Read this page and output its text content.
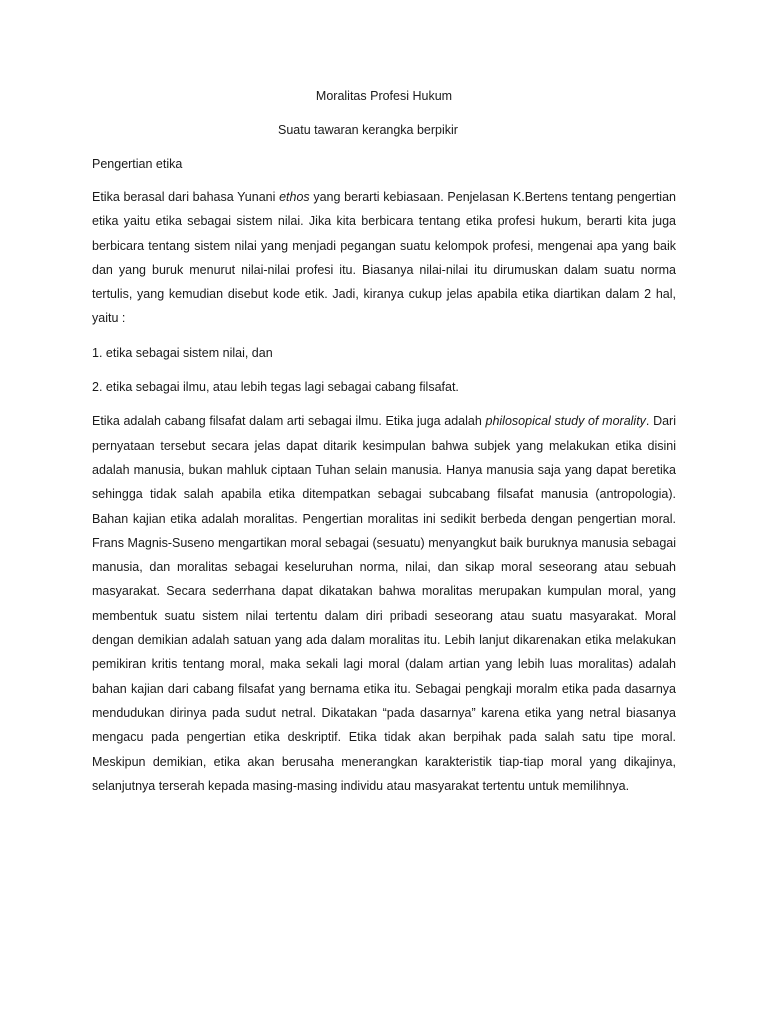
Moralitas Profesi Hukum
Suatu tawaran kerangka berpikir
Pengertian etika

Etika berasal dari bahasa Yunani ethos yang berarti kebiasaan. Penjelasan K.Bertens tentang pengertian etika yaitu etika sebagai sistem nilai. Jika kita berbicara tentang etika profesi hukum, berarti kita juga berbicara tentang sistem nilai yang menjadi pegangan suatu kelompok profesi, mengenai apa yang baik dan yang buruk menurut nilai-nilai profesi itu. Biasanya nilai-nilai itu dirumuskan dalam suatu norma tertulis, yang kemudian disebut kode etik. Jadi, kiranya cukup jelas apabila etika diartikan dalam 2 hal, yaitu :

1. etika sebagai sistem nilai, dan

2. etika sebagai ilmu, atau lebih tegas lagi sebagai cabang filsafat.

Etika adalah cabang filsafat dalam arti sebagai ilmu. Etika juga adalah philosopical study of morality. Dari pernyataan tersebut secara jelas dapat ditarik kesimpulan bahwa subjek yang melakukan etika disini adalah manusia, bukan mahluk ciptaan Tuhan selain manusia. Hanya manusia saja yang dapat beretika sehingga tidak salah apabila etika ditempatkan sebagai subcabang filsafat manusia (antropologia). Bahan kajian etika adalah moralitas. Pengertian moralitas ini sedikit berbeda dengan pengertian moral. Frans Magnis-Suseno mengartikan moral sebagai (sesuatu) menyangkut baik buruknya manusia sebagai manusia, dan moralitas sebagai keseluruhan norma, nilai, dan sikap moral seseorang atau sebuah masyarakat. Secara sederrhana dapat dikatakan bahwa moralitas merupakan kumpulan moral, yang membentuk suatu sistem nilai tertentu dalam diri pribadi seseorang atau suatu masyarakat. Moral dengan demikian adalah satuan yang ada dalam moralitas itu. Lebih lanjut dikarenakan etika melakukan pemikiran kritis tentang moral, maka sekali lagi moral (dalam artian yang lebih luas moralitas) adalah bahan kajian dari cabang filsafat yang bernama etika itu. Sebagai pengkaji moralm etika pada dasarnya mendudukan dirinya pada sudut netral. Dikatakan “pada dasarnya” karena etika yang netral biasanya mengacu pada pengertian etika deskriptif. Etika tidak akan berpihak pada salah satu tipe moral. Meskipun demikian, etika akan berusaha menerangkan karakteristik tiap-tiap moral yang dikajinya, selanjutnya terserah kepada masing-masing individu atau masyarakat tertentu untuk memilihnya.
